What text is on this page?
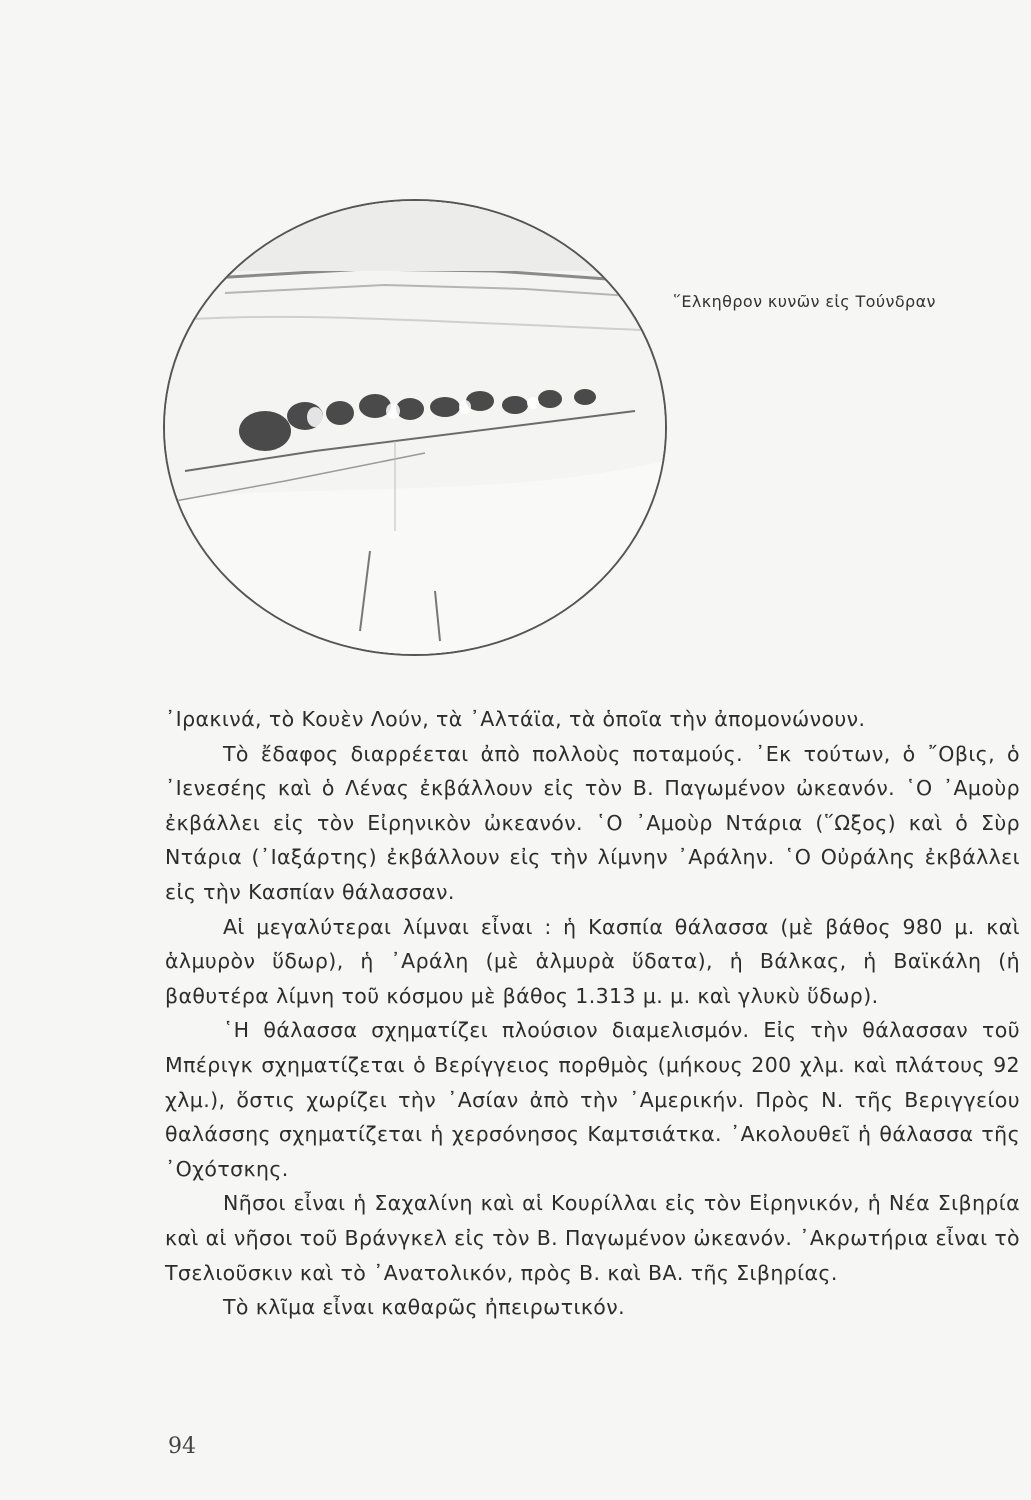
῞Ελκηθρον κυνῶν εἰς Τούνδραν

᾿Ιρακινά, τὸ Κουὲν Λούν, τὰ ᾿Αλτάϊα, τὰ ὁποῖα τὴν ἀπομονώνουν.

Τὸ ἔδαφος διαρρέεται ἀπὸ πολλοὺς ποταμούς. ᾿Εκ τούτων, ὁ ῎Οβις, ὁ ᾿Ιενεσέης καὶ ὁ Λένας ἐκβάλλουν εἰς τὸν Β. Παγωμένον ὠκεανόν. ῾Ο ᾿Αμοὺρ ἐκβάλλει εἰς τὸν Εἰρηνικὸν ὠκεανόν. ῾Ο ᾿Αμοὺρ Ντάρια (῞Ωξος) καὶ ὁ Σὺρ Ντάρια (᾿Ιαξάρτης) ἐκβάλλουν εἰς τὴν λίμνην ᾿Αράλην. ῾Ο Οὐράλης ἐκβάλλει εἰς τὴν Κασπίαν θάλασσαν.

Αἱ μεγαλύτεραι λίμναι εἶναι : ἡ Κασπία θάλασσα (μὲ βάθος 980 μ. καὶ ἁλμυρὸν ὕδωρ), ἡ ᾿Αράλη (μὲ ἁλμυρὰ ὕδατα), ἡ Βάλκας, ἡ Βαϊκάλη (ἡ βαθυτέρα λίμνη τοῦ κόσμου μὲ βάθος 1.313 μ. μ. καὶ γλυκὺ ὕδωρ).

῾Η θάλασσα σχηματίζει πλούσιον διαμελισμόν. Εἰς τὴν θάλασσαν τοῦ Μπέριγκ σχηματίζεται ὁ Βερίγγειος πορθμὸς (μήκους 200 χλμ. καὶ πλάτους 92 χλμ.), ὅστις χωρίζει τὴν ᾿Ασίαν ἀπὸ τὴν ᾿Αμερικήν. Πρὸς Ν. τῆς Βεριγγείου θαλάσσης σχηματίζεται ἡ χερσόνησος Καμτσιάτκα. ᾿Ακολουθεῖ ἡ θάλασσα τῆς ᾿Οχότσκης.

Νῆσοι εἶναι ἡ Σαχαλίνη καὶ αἱ Κουρίλλαι εἰς τὸν Εἰρηνικόν, ἡ Νέα Σιβηρία καὶ αἱ νῆσοι τοῦ Βράνγκελ εἰς τὸν Β. Παγωμένον ὠκεανόν. ᾿Ακρωτήρια εἶναι τὸ Τσελιοῦσκιν καὶ τὸ ᾿Ανατολικόν, πρὸς Β. καὶ ΒΑ. τῆς Σιβηρίας.

Τὸ κλῖμα εἶναι καθαρῶς ἠπειρωτικόν.

94
